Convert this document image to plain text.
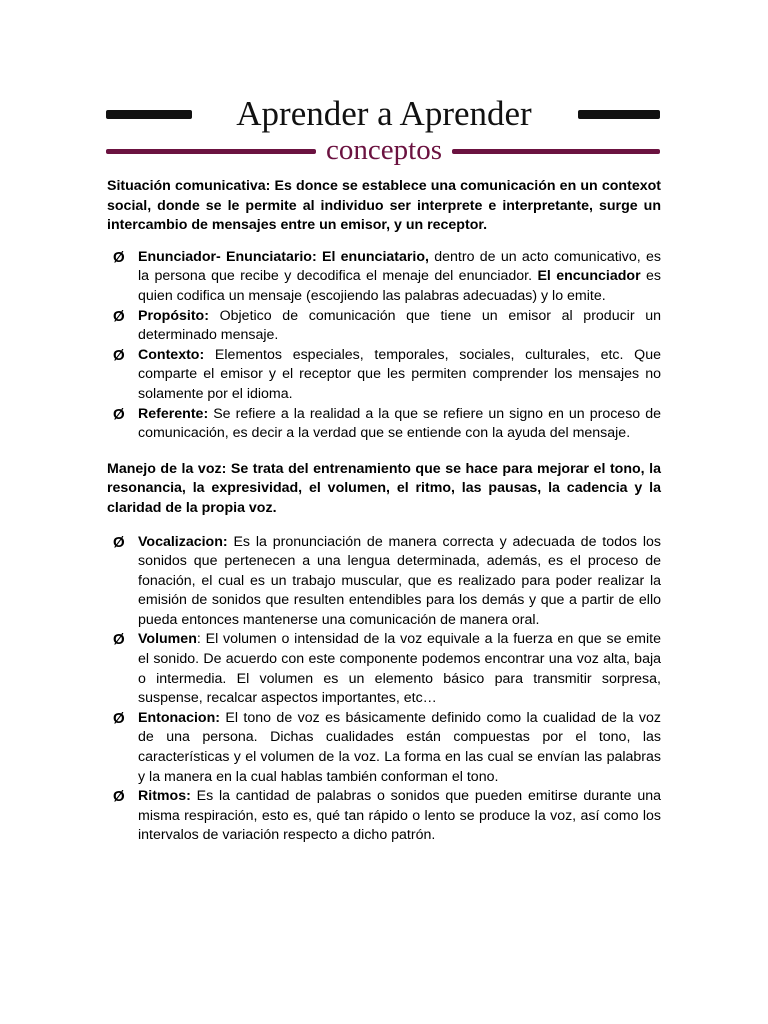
Aprender a Aprender
conceptos

Situación comunicativa: Es donce se establece una comunicación en un contexot social, donde se le permite al individuo ser interprete e interpretante, surge un intercambio de mensajes entre un emisor, y un receptor.

Ø Enunciador- Enunciatario: El enunciatario, dentro de un acto comunicativo, es la persona que recibe y decodifica el menaje del enunciador. El encunciador es quien codifica un mensaje (escojiendo las palabras adecuadas) y lo emite.
Ø Propósito: Objetico de comunicación que tiene un emisor al producir un determinado mensaje.
Ø Contexto: Elementos especiales, temporales, sociales, culturales, etc. Que comparte el emisor y el receptor que les permiten comprender los mensajes no solamente por el idioma.
Ø Referente: Se refiere a la realidad a la que se refiere un signo en un proceso de comunicación, es decir a la verdad que se entiende con la ayuda del mensaje.

Manejo de la voz: Se trata del entrenamiento que se hace para mejorar el tono, la resonancia, la expresividad, el volumen, el ritmo, las pausas, la cadencia y la claridad de la propia voz.

Ø Vocalizacion: Es la pronunciación de manera correcta y adecuada de todos los sonidos que pertenecen a una lengua determinada, además, es el proceso de fonación, el cual es un trabajo muscular, que es realizado para poder realizar la emisión de sonidos que resulten entendibles para los demás y que a partir de ello pueda entonces mantenerse una comunicación de manera oral.
Ø Volumen: El volumen o intensidad de la voz equivale a la fuerza en que se emite el sonido. De acuerdo con este componente podemos encontrar una voz alta, baja o intermedia. El volumen es un elemento básico para transmitir sorpresa, suspense, recalcar aspectos importantes, etc…
Ø Entonacion: El tono de voz es básicamente definido como la cualidad de la voz de una persona. Dichas cualidades están compuestas por el tono, las características y el volumen de la voz. La forma en las cual se envían las palabras y la manera en la cual hablas también conforman el tono.
Ø Ritmos: Es la cantidad de palabras o sonidos que pueden emitirse durante una misma respiración, esto es, qué tan rápido o lento se produce la voz, así como los intervalos de variación respecto a dicho patrón.
